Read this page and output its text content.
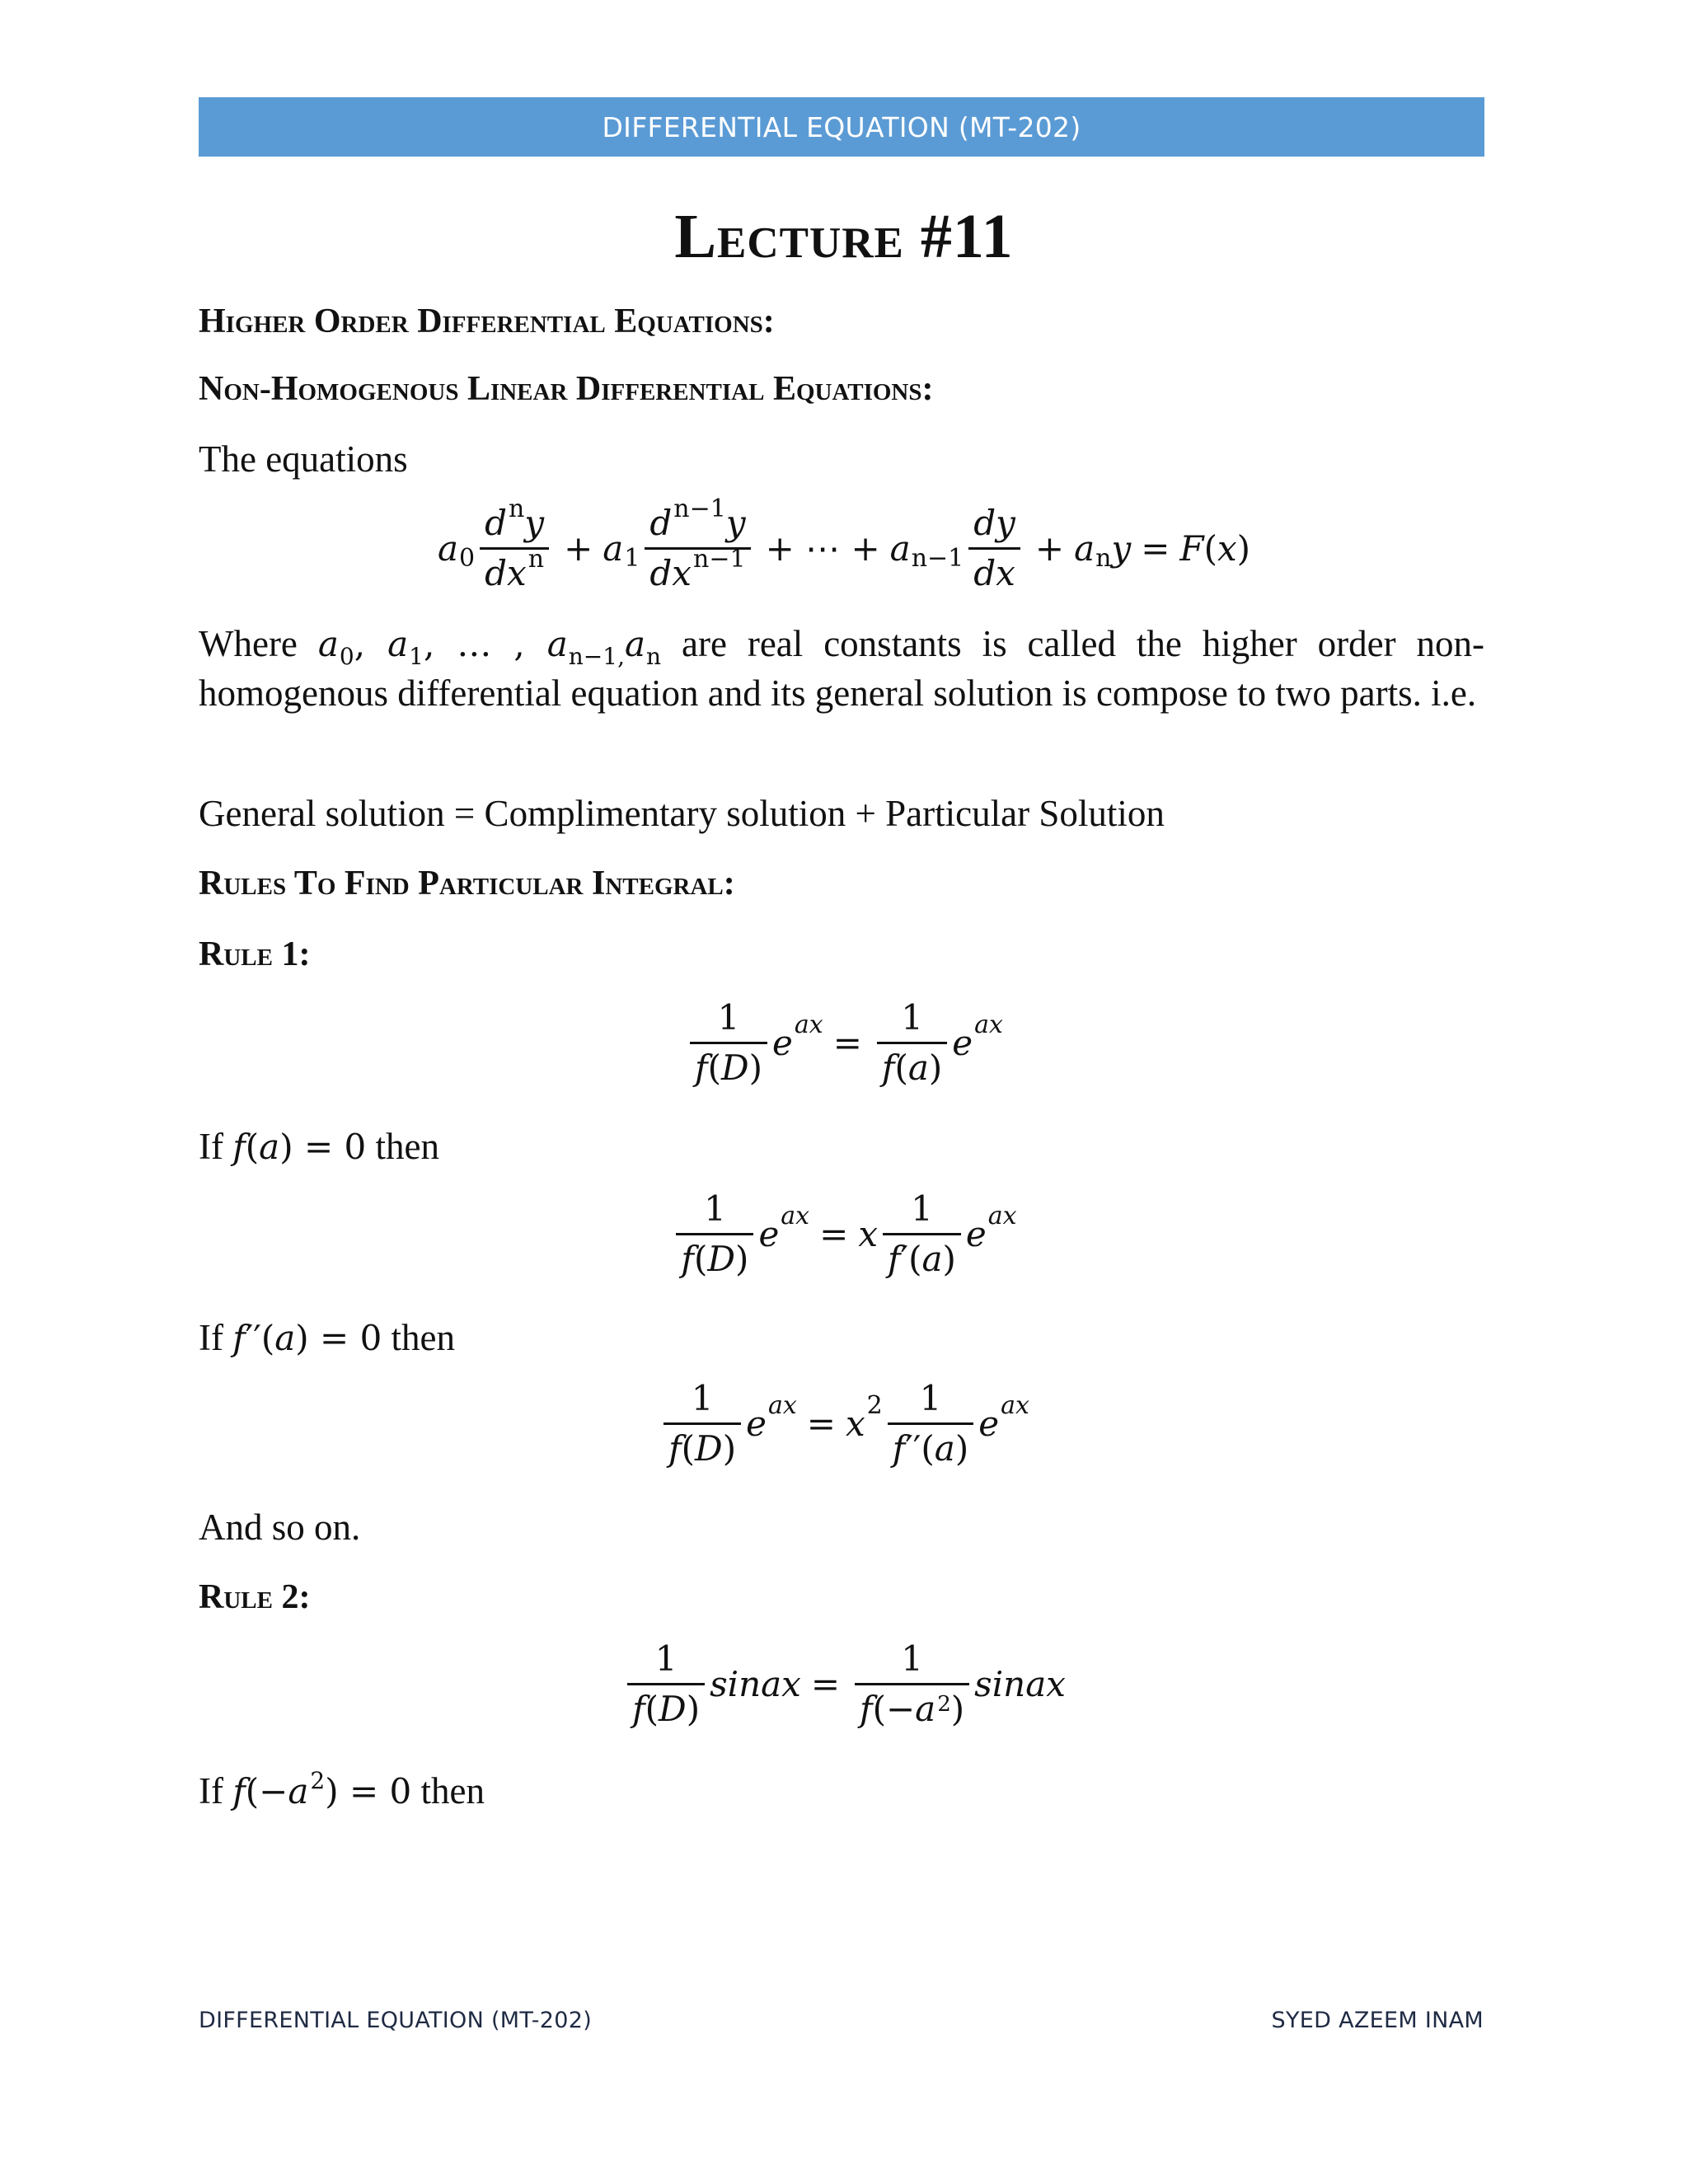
DIFFERENTIAL EQUATION (MT-202)
Lecture #11
Higher Order Differential Equations:
Non-Homogenous Linear Differential Equations:
The equations
a $0 \frac{d^ny}{dx^n} + a$ $1 \frac{d^{n-1}y}{dx^{n-1}}$ + ⋯ + a $n-1 \frac{dy}{dx} + a$ n y = F ( x )
Where $a_0$, $a_1$, … , $a_{n-1,}a_n$ are real constants is called the higher order non-homogenous differential equation and its general solution is compose to two parts. i.e.
General solution = Complimentary solution + Particular Solution
Rules To Find Particular Integral:
Rule 1:
$\frac{1}{f(D)}$ e ax = $\frac{1}{f(a)}$ e ax
If f(a) = 0 then
$\frac{1}{f(D)}$ e ax = x $\frac{1}{f'(a)}$ e ax
If f′′(a) = 0 then
$\frac{1}{f(D)}$ e ax = x $2 \frac{1}{f''(a)}$ e ax
And so on.
Rule 2:
$\frac{1}{f(D)}$ sinax = $\frac{1}{f(-a^2)}$ sinax
If $f(-a^2) = 0$ then
DIFFERENTIAL EQUATION (MT-202)	SYED AZEEM INAM
